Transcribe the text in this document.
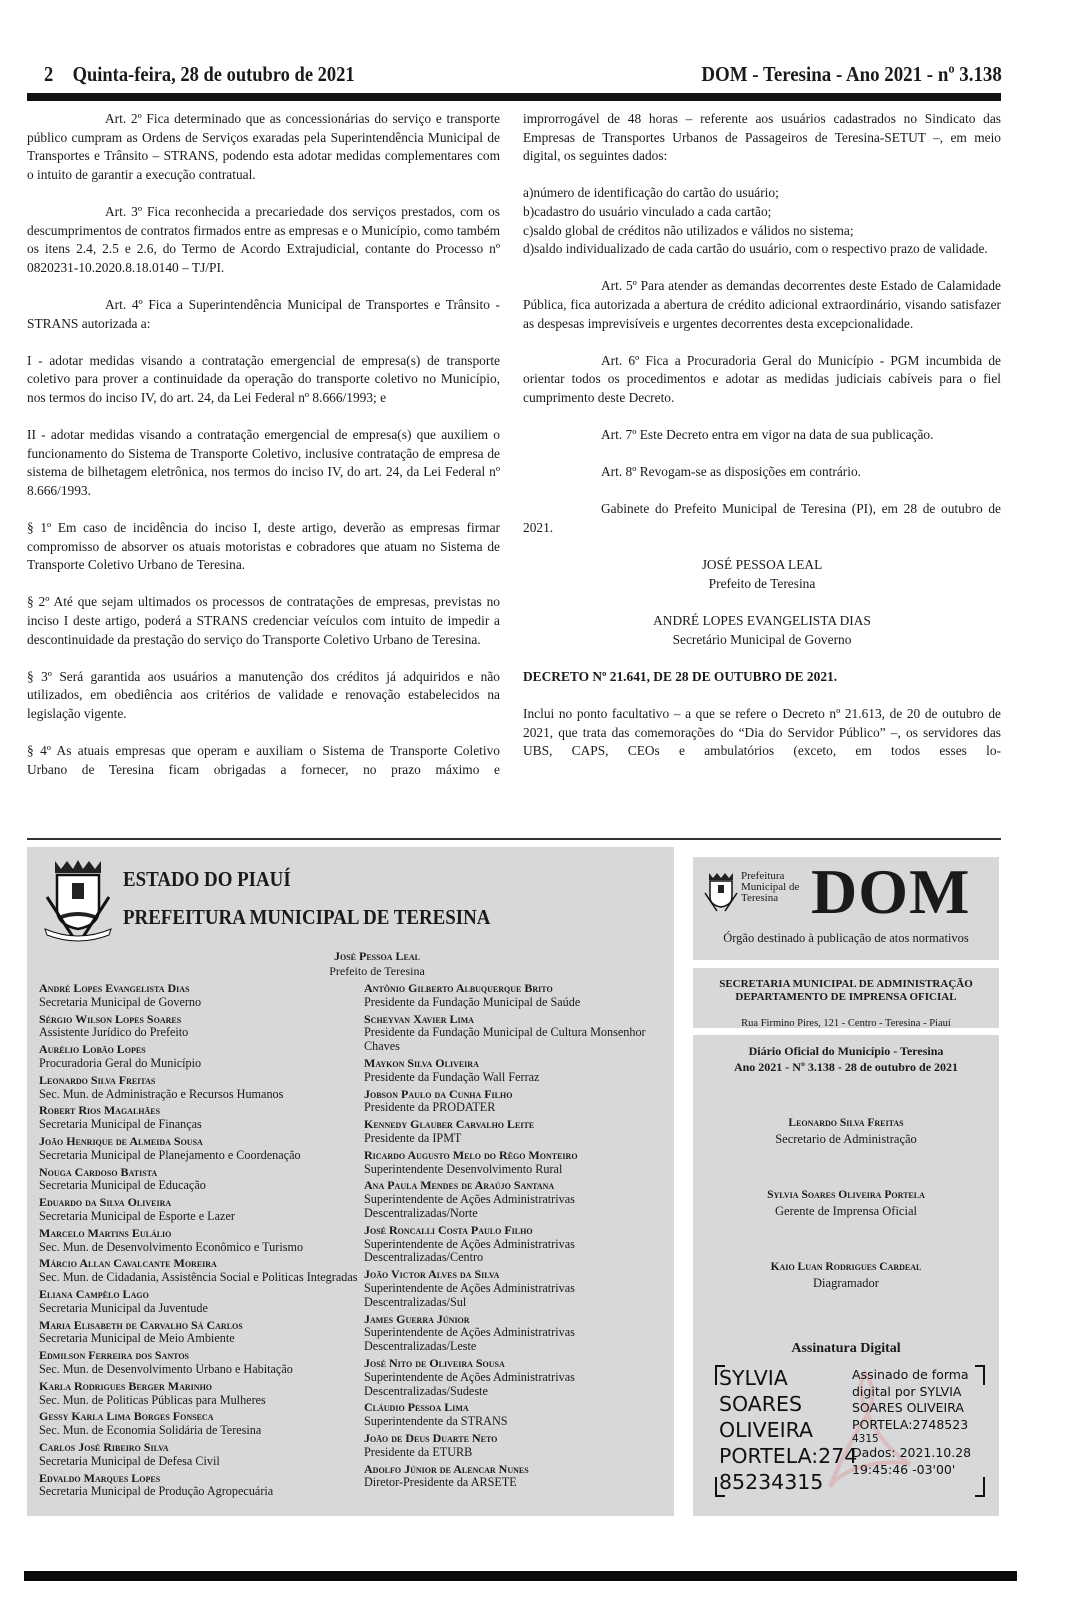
2 Quinta-feira, 28 de outubro de 2021	DOM - Teresina - Ano 2021 - nº 3.138

Art. 2º Fica determinado que as concessionárias do serviço e transporte público cumpram as Ordens de Serviços exaradas pela Superintendência Municipal de Transportes e Trânsito – STRANS, podendo esta adotar medidas complementares com o intuito de garantir a execução contratual.

Art. 3º Fica reconhecida a precariedade dos serviços prestados, com os descumprimentos de contratos firmados entre as empresas e o Município, como também os itens 2.4, 2.5 e 2.6, do Termo de Acordo Extrajudicial, contante do Processo nº 0820231-10.2020.8.18.0140 – TJ/PI.

Art. 4º Fica a Superintendência Municipal de Transportes e Trânsito - STRANS autorizada a:

I - adotar medidas visando a contratação emergencial de empresa(s) de transporte coletivo para prover a continuidade da operação do transporte coletivo no Município, nos termos do inciso IV, do art. 24, da Lei Federal nº 8.666/1993; e

II - adotar medidas visando a contratação emergencial de empresa(s) que auxiliem o funcionamento do Sistema de Transporte Coletivo, inclusive contratação de empresa de sistema de bilhetagem eletrônica, nos termos do inciso IV, do art. 24, da Lei Federal nº 8.666/1993.

§ 1º Em caso de incidência do inciso I, deste artigo, deverão as empresas firmar compromisso de absorver os atuais motoristas e cobradores que atuam no Sistema de Transporte Coletivo Urbano de Teresina.

§ 2º Até que sejam ultimados os processos de contratações de empresas, previstas no inciso I deste artigo, poderá a STRANS credenciar veículos com intuito de impedir a descontinuidade da prestação do serviço do Transporte Coletivo Urbano de Teresina.

§ 3º Será garantida aos usuários a manutenção dos créditos já adquiridos e não utilizados, em obediência aos critérios de validade e renovação estabelecidos na legislação vigente.

§ 4º As atuais empresas que operam e auxiliam o Sistema de Transporte Coletivo Urbano de Teresina ficam obrigadas a fornecer, no prazo máximo e

improrrogável de 48 horas – referente aos usuários cadastrados no Sindicato das Empresas de Transportes Urbanos de Passageiros de Teresina-SETUT –, em meio digital, os seguintes dados:

a)número de identificação do cartão do usuário;

b)cadastro do usuário vinculado a cada cartão;

c)saldo global de créditos não utilizados e válidos no sistema;

d)saldo individualizado de cada cartão do usuário, com o respectivo prazo de validade.

Art. 5º Para atender as demandas decorrentes deste Estado de Calamidade Pública, fica autorizada a abertura de crédito adicional extraordinário, visando satisfazer as despesas imprevisíveis e urgentes decorrentes desta excepcionalidade.

Art. 6º Fica a Procuradoria Geral do Município - PGM incumbida de orientar todos os procedimentos e adotar as medidas judiciais cabíveis para o fiel cumprimento deste Decreto.

Art. 7º Este Decreto entra em vigor na data de sua publicação.

Art. 8º Revogam-se as disposições em contrário.

Gabinete do Prefeito Municipal de Teresina (PI), em 28 de outubro de 2021.

JOSÉ PESSOA LEAL

Prefeito de Teresina

ANDRÉ LOPES EVANGELISTA DIAS

Secretário Municipal de Governo

DECRETO Nº 21.641, DE 28 DE OUTUBRO DE 2021.

Inclui no ponto facultativo – a que se refere o Decreto nº 21.613, de 20 de outubro de 2021, que trata das comemorações do “Dia do Servidor Público” –, os servidores das UBS, CAPS, CEOs e ambulatórios (exceto, em todos esses lo-

ESTADO DO PIAUÍ
PREFEITURA MUNICIPAL DE TERESINA
José Pessoa Leal
Prefeito de Teresina
André Lopes Evangelista Dias
Secretaria Municipal de Governo
Sérgio Wilson Lopes Soares
Assistente Jurídico do Prefeito
Aurélio Lobão Lopes
Procuradoria Geral do Município
Leonardo Silva Freitas
Sec. Mun. de Administração e Recursos Humanos
Robert Rios Magalhães
Secretaria Municipal de Finanças
João Henrique de Almeida Sousa
Secretaria Municipal de Planejamento e Coordenação
Nouga Cardoso Batista
Secretaria Municipal de Educação
Eduardo da Silva Oliveira
Secretaria Municipal de Esporte e Lazer
Marcelo Martins Eulálio
Sec. Mun. de Desenvolvimento Econômico e Turismo
Márcio Allan Cavalcante Moreira
Sec. Mun. de Cidadania, Assistência Social e Politicas Integradas
Eliana Campêlo Lago
Secretaria Municipal da Juventude
Maria Elisabeth de Carvalho Sá Carlos
Secretaria Municipal de Meio Ambiente
Edmilson Ferreira dos Santos
Sec. Mun. de Desenvolvimento Urbano e Habitação
Karla Rodrigues Berger Marinho
Sec. Mun. de Politicas Públicas para Mulheres
Gessy Karla Lima Borges Fonseca
Sec. Mun. de Economia Solidária de Teresina
Carlos José Ribeiro Silva
Secretaria Municipal de Defesa Civil
Edvaldo Marques Lopes
Secretaria Municipal de Produção Agropecuária
Antônio Gilberto Albuquerque Brito
Presidente da Fundação Municipal de Saúde
Scheyvan Xavier Lima
Presidente da Fundação Municipal de Cultura Monsenhor Chaves
Maykon Silva Oliveira
Presidente da Fundação Wall Ferraz
Jobson Paulo da Cunha Filho
Presidente da PRODATER
Kennedy Glauber Carvalho Leite
Presidente da IPMT
Ricardo Augusto Melo do Rêgo Monteiro
Superintendente Desenvolvimento Rural
Ana Paula Mendes de Araújo Santana
Superintendente de Ações Administratrivas Descentralizadas/Norte
José Roncalli Costa Paulo Filho
Superintendente de Ações Administratrivas Descentralizadas/Centro
João Victor Alves da Silva
Superintendente de Ações Administratrivas Descentralizadas/Sul
James Guerra Júnior
Superintendente de Ações Administratrivas Descentralizadas/Leste
José Nito de Oliveira Sousa
Superintendente de Ações Administratrivas Descentralizadas/Sudeste
Cláudio Pessoa Lima
Superintendente da STRANS
João de Deus Duarte Neto
Presidente da ETURB
Adolfo Júnior de Alencar Nunes
Diretor-Presidente da ARSETE
Prefeitura Municipal de Teresina DOM
Órgão destinado à publicação de atos normativos
SECRETARIA MUNICIPAL DE ADMINISTRAÇÃO
DEPARTAMENTO DE IMPRENSA OFICIAL
Rua Firmino Pires, 121 - Centro - Teresina - Piauí
Diário Oficial do Município - Teresina
Ano 2021 - Nº 3.138 - 28 de outubro de 2021
Leonardo Silva Freitas
Secretario de Administração
Sylvia Soares Oliveira Portela
Gerente de Imprensa Oficial
Kaio Luan Rodrigues Cardeal
Diagramador
Assinatura Digital
SYLVIA
SOARES
OLIVEIRA
PORTELA:274
85234315
Assinado de forma
digital por SYLVIA
SOARES OLIVEIRA
PORTELA:2748523
4315
Dados: 2021.10.28
19:45:46 -03'00'
